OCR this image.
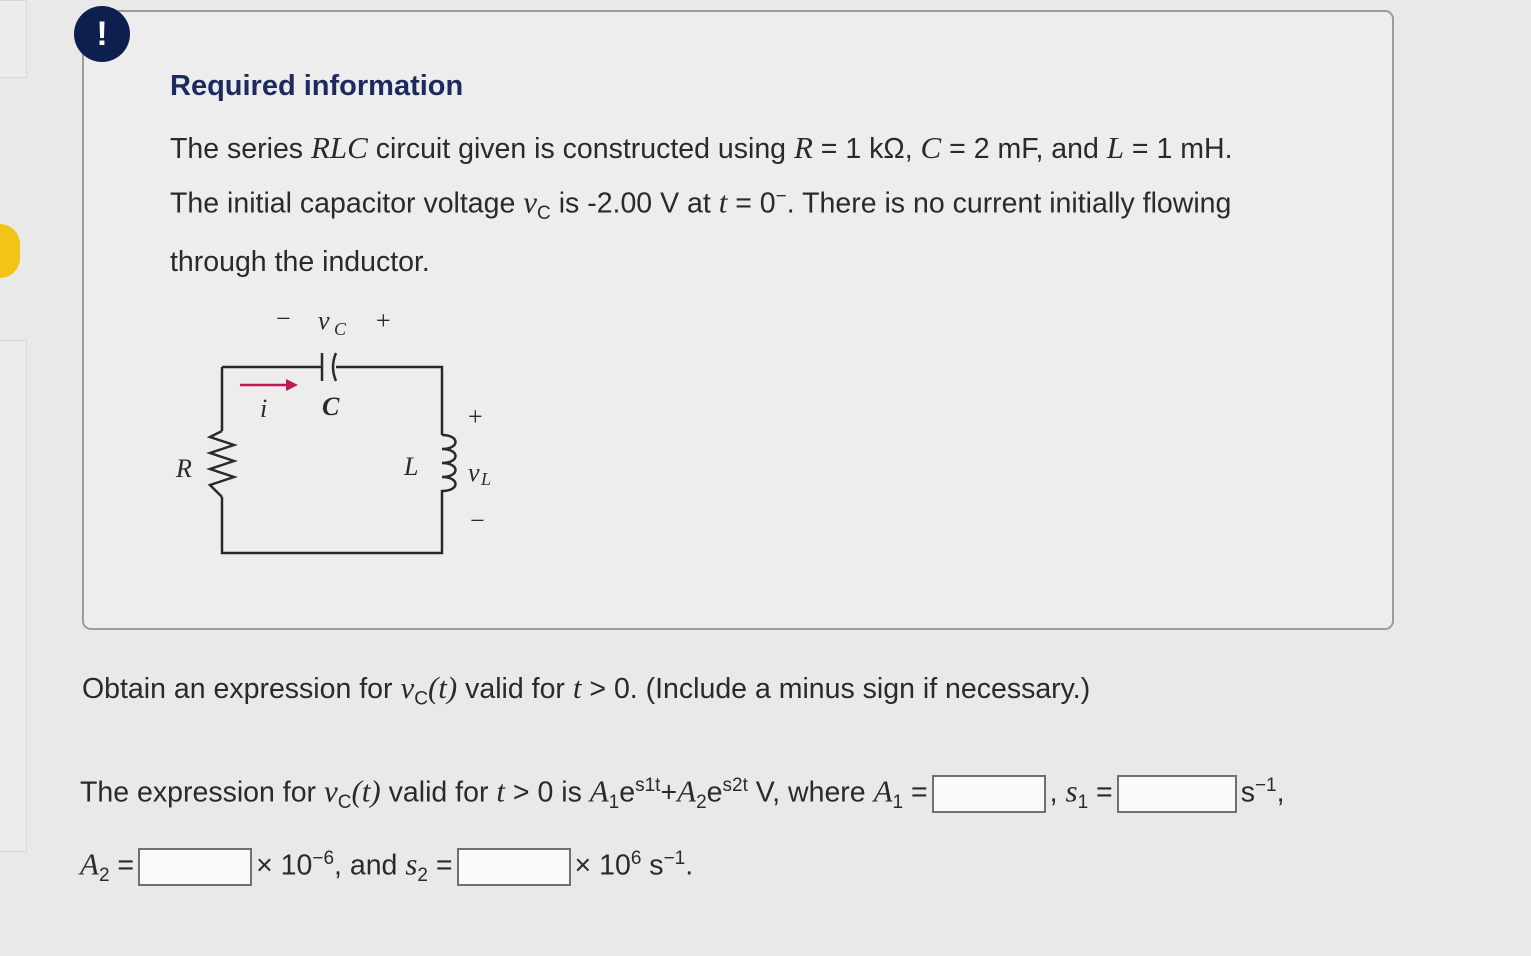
!
Required information
The series RLC circuit given is constructed using R = 1 kΩ, C = 2 mF, and L = 1 mH. The initial capacitor voltage $v_C$ is -2.00 V at t = 0−. There is no current initially flowing through the inductor.
− v C +
C
i
R	L
+
v L
−
Obtain an expression for $v_C(t)$ valid for t > 0. (Include a minus sign if necessary.)
The expression for $v_C(t)$ valid for t > 0 is $A_1e^{s1t}+A_2e^{s2t}$ V, where $A_1$ =	, $s_1$ =	$s^{-1}$,
$A_2$ =	× $10^{-6}$, and $s_2$ =	× $10^6$ $s^{-1}$.
